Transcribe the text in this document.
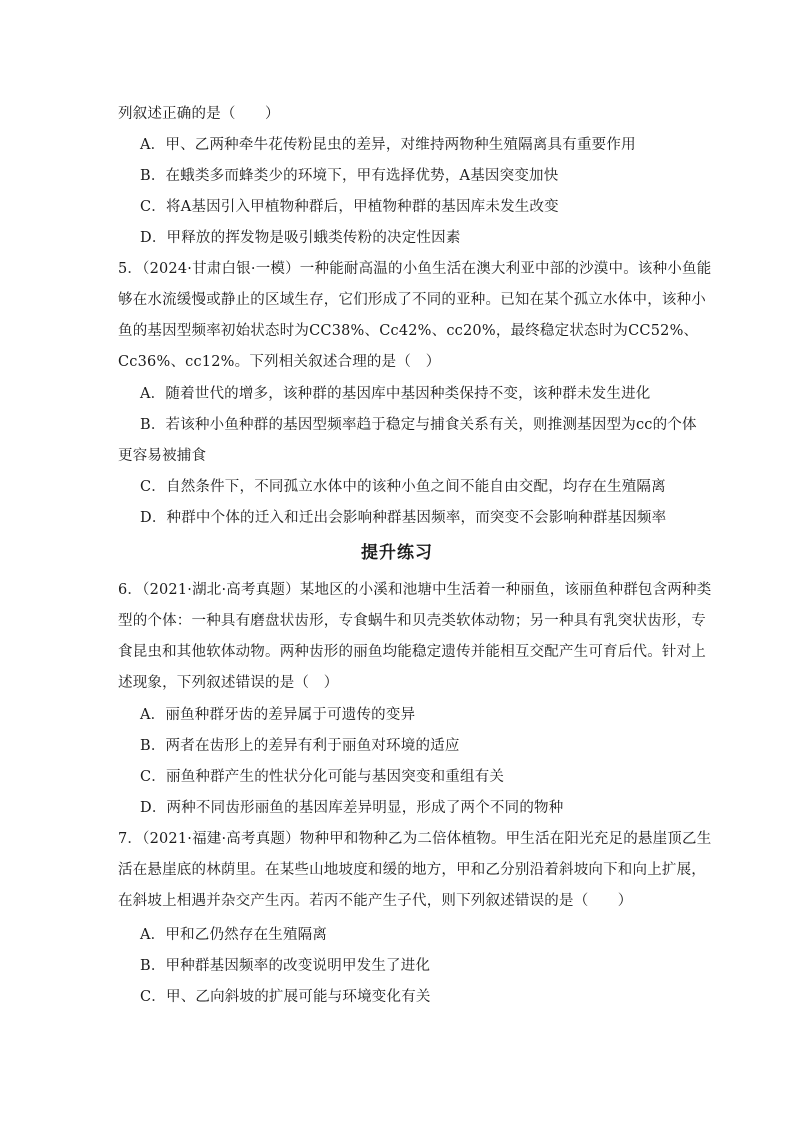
列叙述正确的是（　　）
A．甲、乙两种牵牛花传粉昆虫的差异，对维持两物种生殖隔离具有重要作用
B．在蛾类多而蜂类少的环境下，甲有选择优势，A基因突变加快
C．将A基因引入甲植物种群后，甲植物种群的基因库未发生改变
D．甲释放的挥发物是吸引蛾类传粉的决定性因素
5．（2024·甘肃白银·一模）一种能耐高温的小鱼生活在澳大利亚中部的沙漠中。该种小鱼能
够在水流缓慢或静止的区域生存，它们形成了不同的亚种。已知在某个孤立水体中，该种小
鱼的基因型频率初始状态时为CC38%、Cc42%、cc20%，最终稳定状态时为CC52%、
Cc36%、cc12%。下列相关叙述合理的是（　）
A．随着世代的增多，该种群的基因库中基因种类保持不变，该种群未发生进化
B．若该种小鱼种群的基因型频率趋于稳定与捕食关系有关，则推测基因型为cc的个体
更容易被捕食
C．自然条件下，不同孤立水体中的该种小鱼之间不能自由交配，均存在生殖隔离
D．种群中个体的迁入和迁出会影响种群基因频率，而突变不会影响种群基因频率
提升练习
6．（2021·湖北·高考真题）某地区的小溪和池塘中生活着一种丽鱼，该丽鱼种群包含两种类
型的个体：一种具有磨盘状齿形，专食蜗牛和贝壳类软体动物；另一种具有乳突状齿形，专
食昆虫和其他软体动物。两种齿形的丽鱼均能稳定遗传并能相互交配产生可育后代。针对上
述现象，下列叙述错误的是（　）
A．丽鱼种群牙齿的差异属于可遗传的变异
B．两者在齿形上的差异有利于丽鱼对环境的适应
C．丽鱼种群产生的性状分化可能与基因突变和重组有关
D．两种不同齿形丽鱼的基因库差异明显，形成了两个不同的物种
7．（2021·福建·高考真题）物种甲和物种乙为二倍体植物。甲生活在阳光充足的悬崖顶乙生
活在悬崖底的林荫里。在某些山地坡度和缓的地方，甲和乙分别沿着斜坡向下和向上扩展，
在斜坡上相遇并杂交产生丙。若丙不能产生子代，则下列叙述错误的是（　　）
A．甲和乙仍然存在生殖隔离
B．甲种群基因频率的改变说明甲发生了进化
C．甲、乙向斜坡的扩展可能与环境变化有关
